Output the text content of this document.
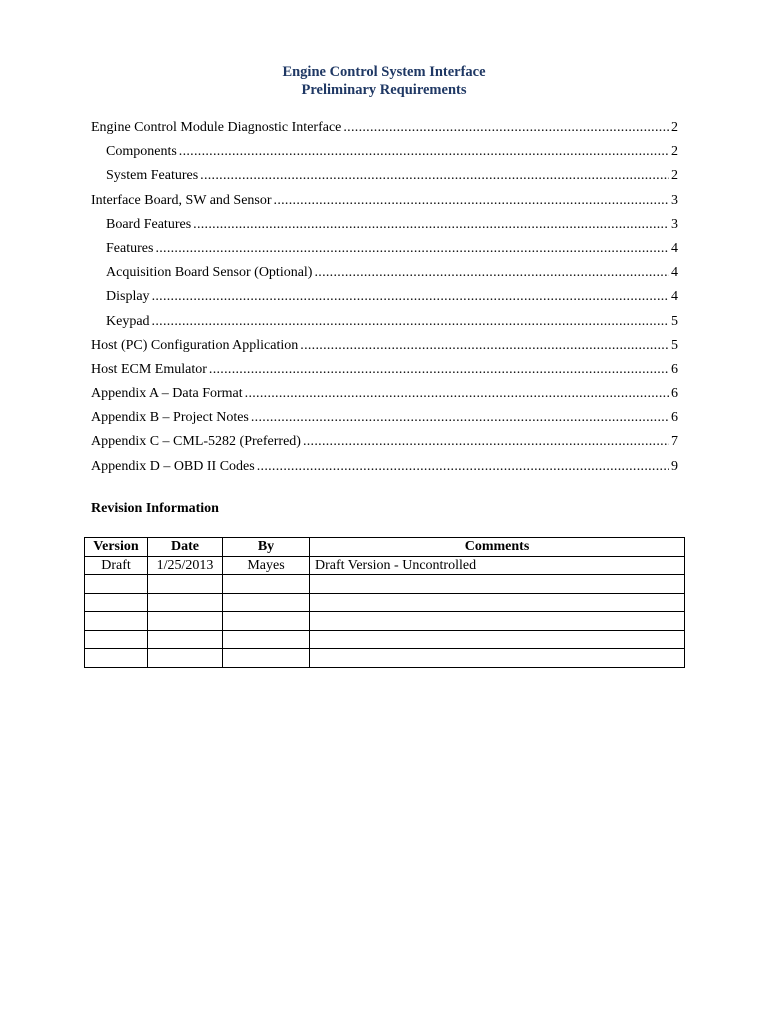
Engine Control System Interface
Preliminary Requirements
Engine Control Module Diagnostic Interface .....	2
Components .....	2
System Features .....	2
Interface Board, SW and Sensor .....	3
Board Features .....	3
Features .....	4
Acquisition Board Sensor (Optional) .....	4
Display .....	4
Keypad .....	5
Host (PC) Configuration Application .....	5
Host ECM Emulator .....	6
Appendix A – Data Format .....	6
Appendix B – Project Notes .....	6
Appendix C – CML-5282 (Preferred) .....	7
Appendix D – OBD II Codes .....	9
Revision Information
Version	Date	By	Comments
Draft	1/25/2013	Mayes	Draft Version - Uncontrolled
